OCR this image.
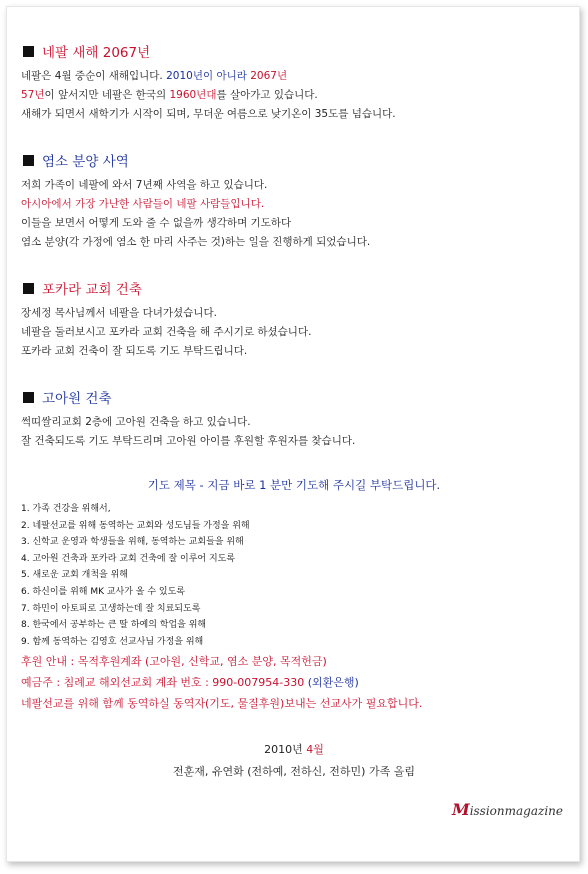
네팔 새해 2067년
네팔은 4월 중순이 새해입니다. 2010년이 아니라 2067년
57년이 앞서지만 네팔은 한국의 1960년대를 살아가고 있습니다.
새해가 되면서 새학기가 시작이 되며, 무더운 여름으로 낮기온이 35도를 넘습니다.
염소 분양 사역
저희 가족이 네팔에 와서 7년째 사역을 하고 있습니다.
아시아에서 가장 가난한 사람들이 네팔 사람들입니다.
이들을 보면서 어떻게 도와 줄 수 없을까 생각하며 기도하다
염소 분양(각 가정에 염소 한 마리 사주는 것)하는 일을 진행하게 되었습니다.
포카라 교회 건축
장세정 목사님께서 네팔을 다녀가셨습니다.
네팔을 둘러보시고 포카라 교회 건축을 해 주시기로 하셨습니다.
포카라 교회 건축이 잘 되도록 기도 부탁드립니다.
고아원 건축
썩띠쌀리교회 2층에 고아원 건축을 하고 있습니다.
잘 건축되도록 기도 부탁드리며 고아원 아이를 후원할 후원자를 찾습니다.
기도 제목 - 지금 바로 1 분만 기도해 주시길 부탁드립니다.
1. 가족 건강을 위해서,
2. 네팔선교를 위해 동역하는 교회와 성도님들 가정을 위해
3. 신학교 운영과 학생들을 위해, 동역하는 교회들을 위해
4. 고아원 건축과 포카라 교회 건축에 잘 이루어 지도록
5. 새로운 교회 개척을 위해
6. 하신이를 위해 MK 교사가 올 수 있도록
7. 하민이 아토피로 고생하는데 잘 치료되도록
8. 한국에서 공부하는 큰 딸 하예의 학업을 위해
9. 함께 동역하는 김영호 선교사님 가정을 위해
후원 안내 : 목적후원계좌 (고아원, 신학교, 염소 분양, 목적헌금)
예금주 : 침례교 해외선교회 계좌 번호 : 990-007954-330 (외환은행)
네팔선교를 위해 함께 동역하실 동역자(기도, 물질후원)보내는 선교사가 필요합니다.
2010년 4월
전훈재, 유연화 (전하예, 전하신, 전하민) 가족 올림
Missionmagazine
